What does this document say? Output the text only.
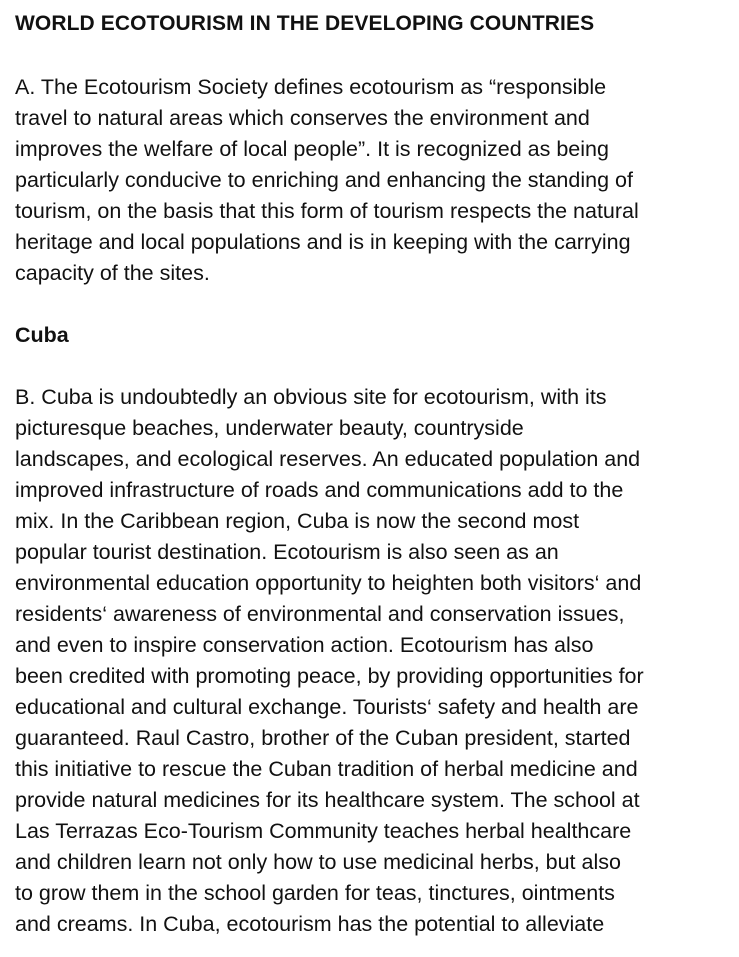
WORLD ECOTOURISM IN THE DEVELOPING COUNTRIES
A. The Ecotourism Society defines ecotourism as “responsible
travel to natural areas which conserves the environment and
improves the welfare of local people”. It is recognized as being
particularly conducive to enriching and enhancing the standing of
tourism, on the basis that this form of tourism respects the natural
heritage and local populations and is in keeping with the carrying
capacity of the sites.
Cuba
B. Cuba is undoubtedly an obvious site for ecotourism, with its
picturesque beaches, underwater beauty, countryside
landscapes, and ecological reserves. An educated population and
improved infrastructure of roads and communications add to the
mix. In the Caribbean region, Cuba is now the second most
popular tourist destination. Ecotourism is also seen as an
environmental education opportunity to heighten both visitors‘ and
residents‘ awareness of environmental and conservation issues,
and even to inspire conservation action. Ecotourism has also
been credited with promoting peace, by providing opportunities for
educational and cultural exchange. Tourists‘ safety and health are
guaranteed. Raul Castro, brother of the Cuban president, started
this initiative to rescue the Cuban tradition of herbal medicine and
provide natural medicines for its healthcare system. The school at
Las Terrazas Eco-Tourism Community teaches herbal healthcare
and children learn not only how to use medicinal herbs, but also
to grow them in the school garden for teas, tinctures, ointments
and creams. In Cuba, ecotourism has the potential to alleviate
